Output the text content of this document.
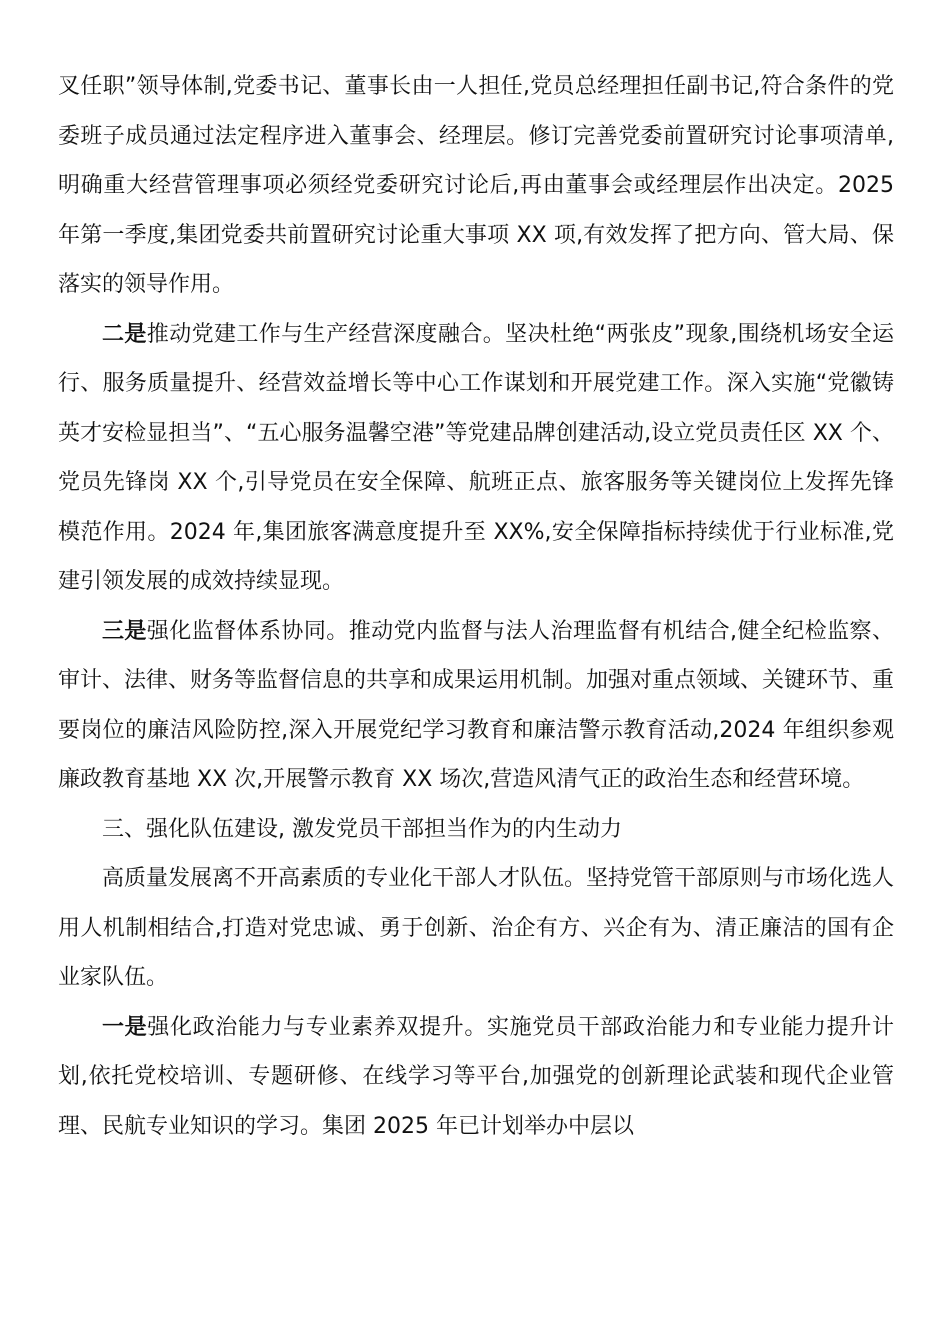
叉任职”领导体制,党委书记、董事长由一人担任,党员总经理担任副书记,符合条件的党委班子成员通过法定程序进入董事会、经理层。修订完善党委前置研究讨论事项清单,明确重大经营管理事项必须经党委研究讨论后,再由董事会或经理层作出决定。2025 年第一季度,集团党委共前置研究讨论重大事项 XX 项,有效发挥了把方向、管大局、保落实的领导作用。

二是推动党建工作与生产经营深度融合。坚决杜绝“两张皮”现象,围绕机场安全运行、服务质量提升、经营效益增长等中心工作谋划和开展党建工作。深入实施“党徽铸英才安检显担当”、“五心服务温馨空港”等党建品牌创建活动,设立党员责任区 XX 个、党员先锋岗 XX 个,引导党员在安全保障、航班正点、旅客服务等关键岗位上发挥先锋模范作用。2024 年,集团旅客满意度提升至 XX%,安全保障指标持续优于行业标准,党建引领发展的成效持续显现。

三是强化监督体系协同。推动党内监督与法人治理监督有机结合,健全纪检监察、审计、法律、财务等监督信息的共享和成果运用机制。加强对重点领域、关键环节、重要岗位的廉洁风险防控,深入开展党纪学习教育和廉洁警示教育活动,2024 年组织参观廉政教育基地 XX 次,开展警示教育 XX 场次,营造风清气正的政治生态和经营环境。

三、强化队伍建设, 激发党员干部担当作为的内生动力

高质量发展离不开高素质的专业化干部人才队伍。坚持党管干部原则与市场化选人用人机制相结合,打造对党忠诚、勇于创新、治企有方、兴企有为、清正廉洁的国有企业家队伍。

一是强化政治能力与专业素养双提升。实施党员干部政治能力和专业能力提升计划,依托党校培训、专题研修、在线学习等平台,加强党的创新理论武装和现代企业管理、民航专业知识的学习。集团 2025 年已计划举办中层以
